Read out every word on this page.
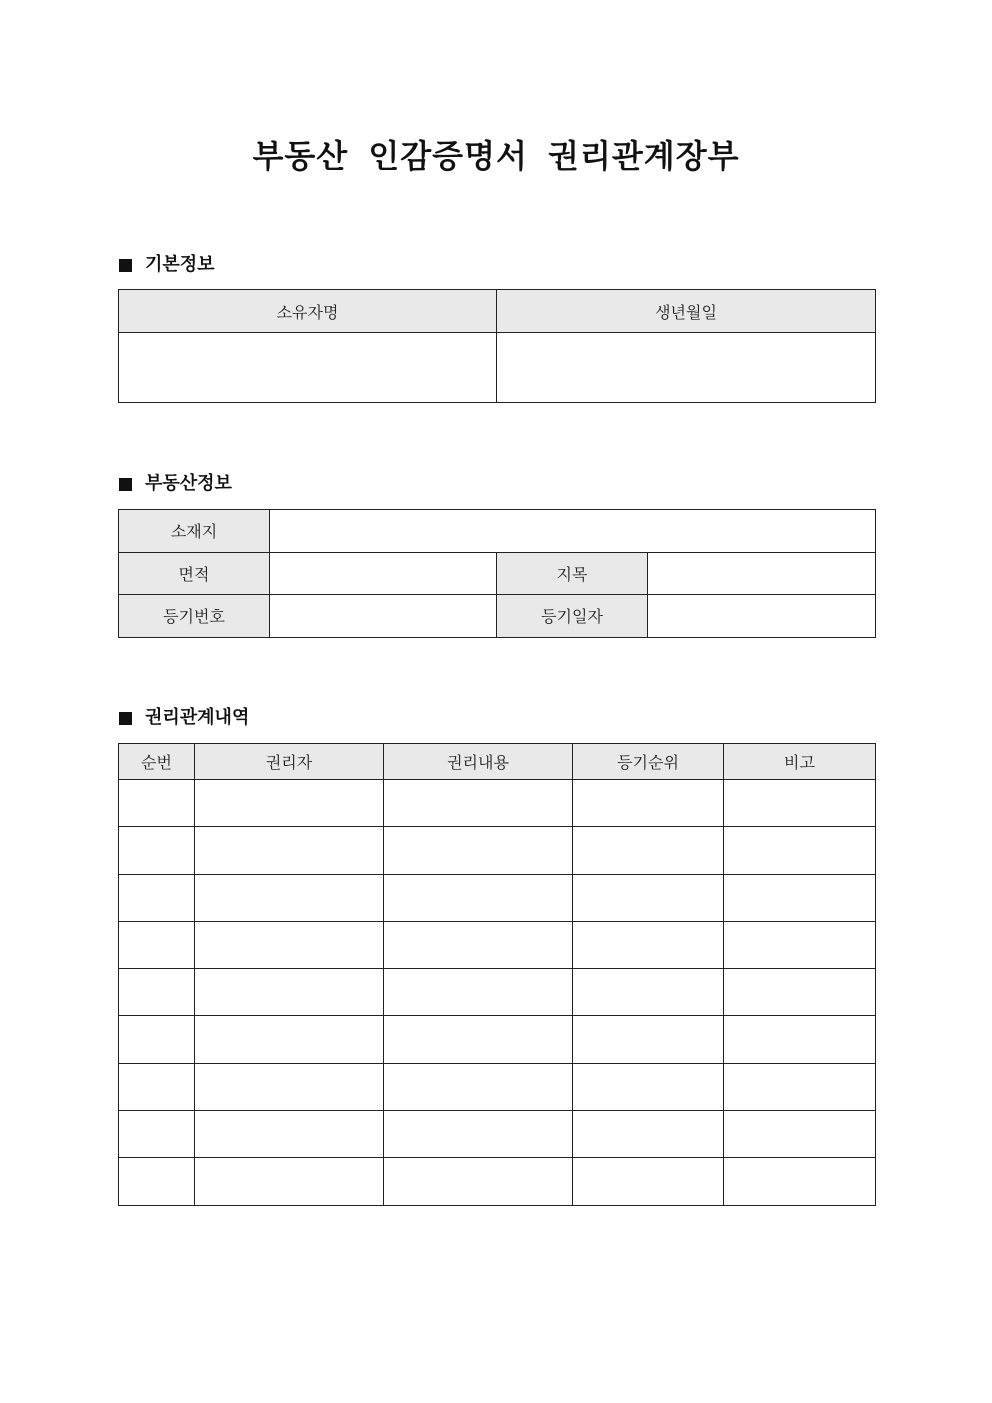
부동산 인감증명서 권리관계장부
기본정보
소유자명	생년월일

부동산정보
소재지			
면적		지목	
등기번호		등기일자	
권리관계내역
순번	권리자	권리내용	등기순위	비고
